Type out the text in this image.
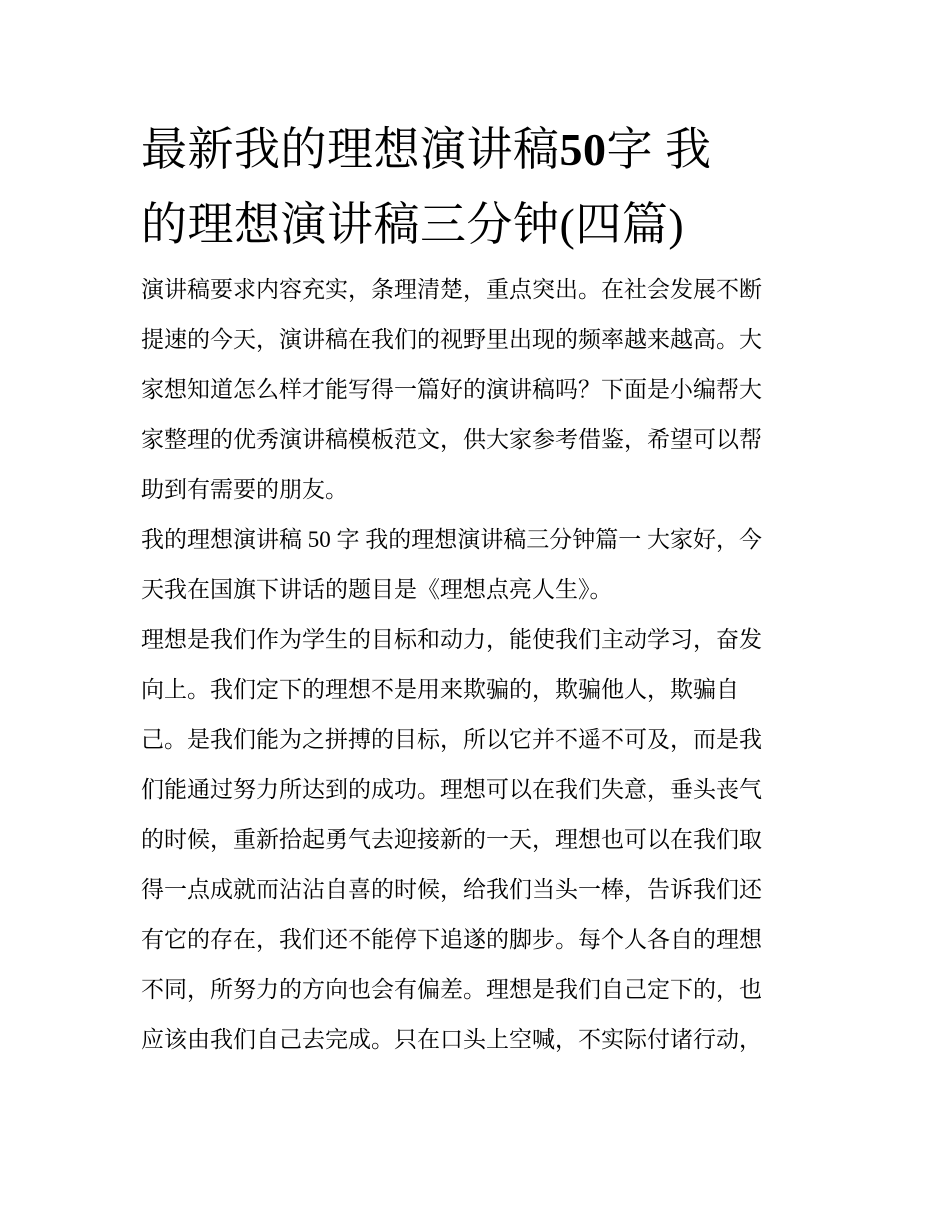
最新我的理想演讲稿50字 我
的理想演讲稿三分钟(四篇)

演讲稿要求内容充实，条理清楚，重点突出。在社会发展不断
提速的今天，演讲稿在我们的视野里出现的频率越来越高。大
家想知道怎么样才能写得一篇好的演讲稿吗？下面是小编帮大
家整理的优秀演讲稿模板范文，供大家参考借鉴，希望可以帮
助到有需要的朋友。

我的理想演讲稿 50 字 我的理想演讲稿三分钟篇一 大家好，今
天我在国旗下讲话的题目是《理想点亮人生》。

理想是我们作为学生的目标和动力，能使我们主动学习，奋发
向上。我们定下的理想不是用来欺骗的，欺骗他人，欺骗自
己。是我们能为之拼搏的目标，所以它并不遥不可及，而是我
们能通过努力所达到的成功。理想可以在我们失意，垂头丧气
的时候，重新拾起勇气去迎接新的一天，理想也可以在我们取
得一点成就而沾沾自喜的时候，给我们当头一棒，告诉我们还
有它的存在，我们还不能停下追遂的脚步。每个人各自的理想
不同，所努力的方向也会有偏差。理想是我们自己定下的，也
应该由我们自己去完成。只在口头上空喊，不实际付诸行动，
